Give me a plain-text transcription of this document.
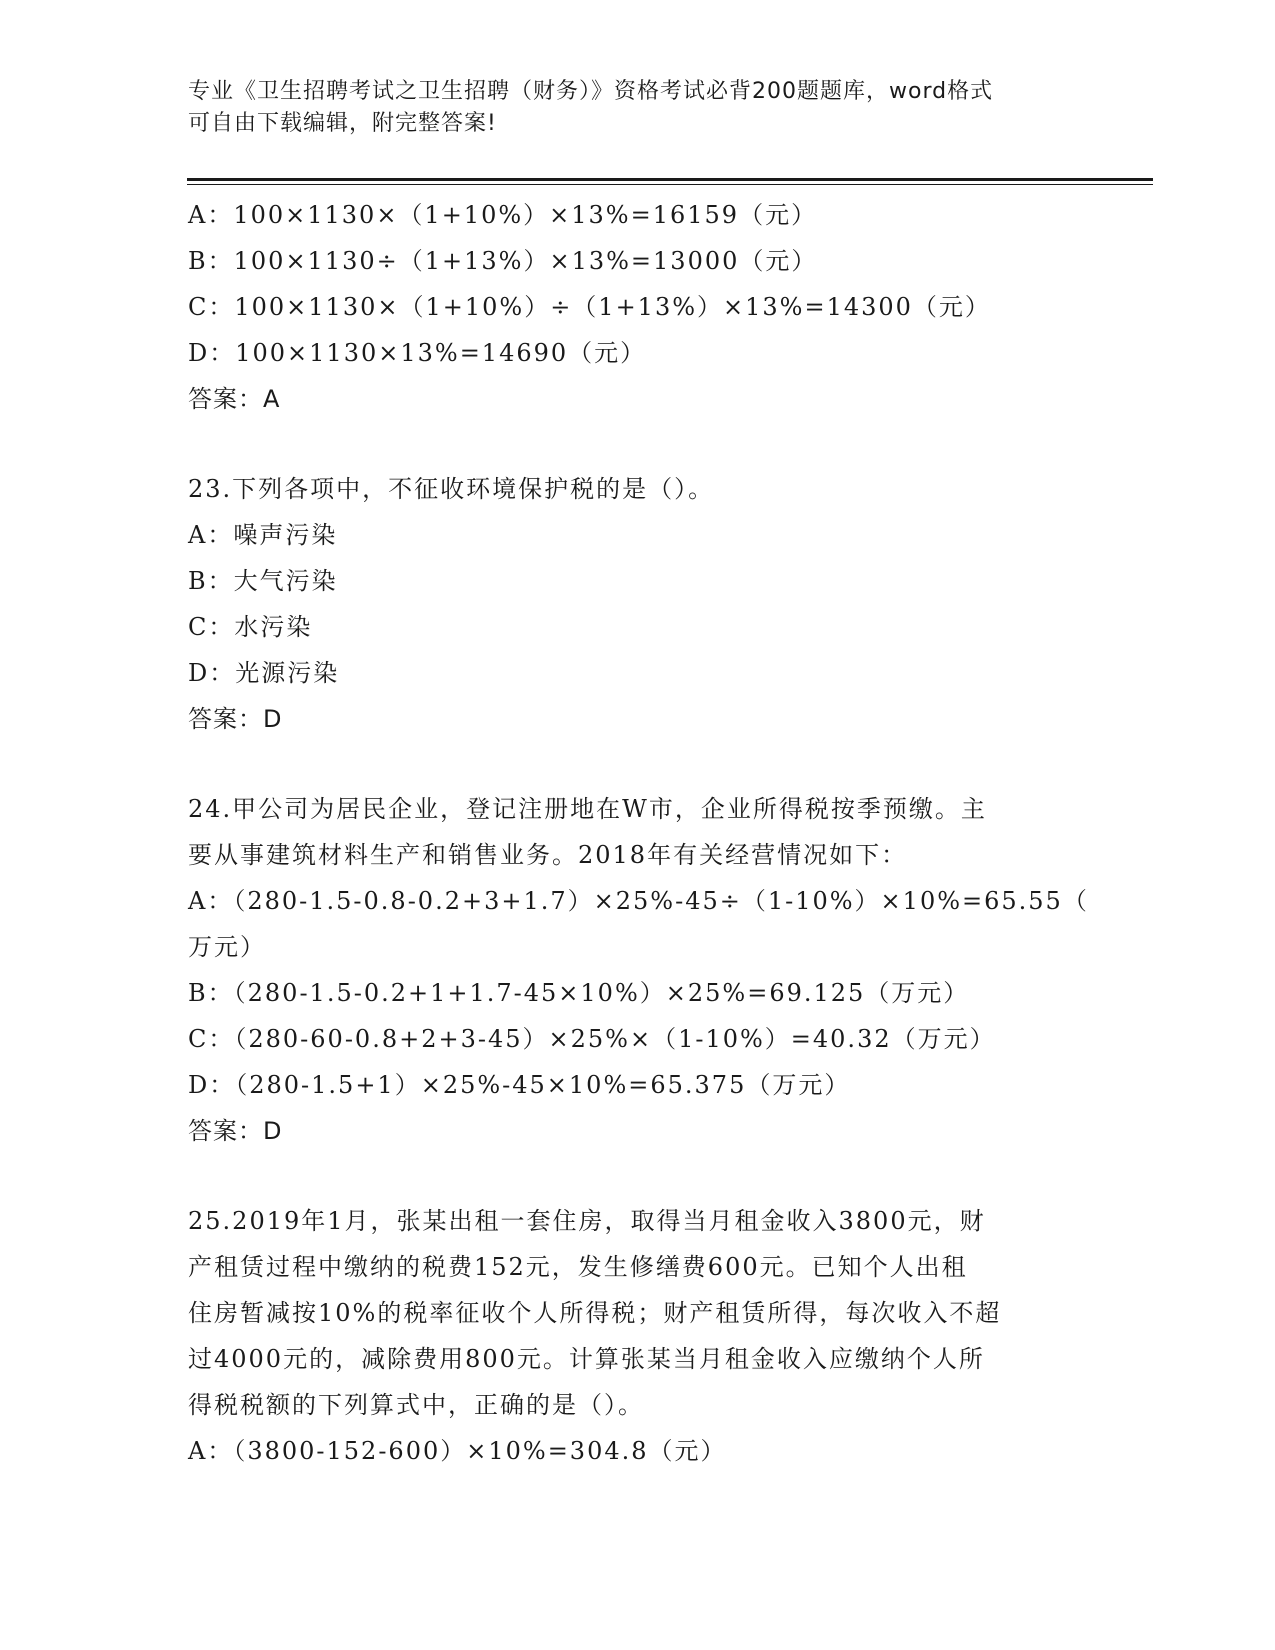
专业《卫生招聘考试之卫生招聘（财务）》资格考试必背200题题库，word格式
可自由下载编辑，附完整答案!
A：100×1130×（1+10%）×13%=16159（元）
B：100×1130÷（1+13%）×13%=13000（元）
C：100×1130×（1+10%）÷（1+13%）×13%=14300（元）
D：100×1130×13%=14690（元）
答案：A
23.下列各项中，不征收环境保护税的是（）。
A：噪声污染
B：大气污染
C：水污染
D：光源污染
答案：D
24.甲公司为居民企业，登记注册地在W市，企业所得税按季预缴。主
要从事建筑材料生产和销售业务。2018年有关经营情况如下：
A：（280-1.5-0.8-0.2+3+1.7）×25%-45÷（1-10%）×10%=65.55（
万元）
B：（280-1.5-0.2+1+1.7-45×10%）×25%=69.125（万元）
C：（280-60-0.8+2+3-45）×25%×（1-10%）=40.32（万元）
D：（280-1.5+1）×25%-45×10%=65.375（万元）
答案：D
25.2019年1月，张某出租一套住房，取得当月租金收入3800元，财
产租赁过程中缴纳的税费152元，发生修缮费600元。已知个人出租
住房暂减按10%的税率征收个人所得税；财产租赁所得，每次收入不超
过4000元的，减除费用800元。计算张某当月租金收入应缴纳个人所
得税税额的下列算式中，正确的是（）。
A：（3800-152-600）×10%=304.8（元）
